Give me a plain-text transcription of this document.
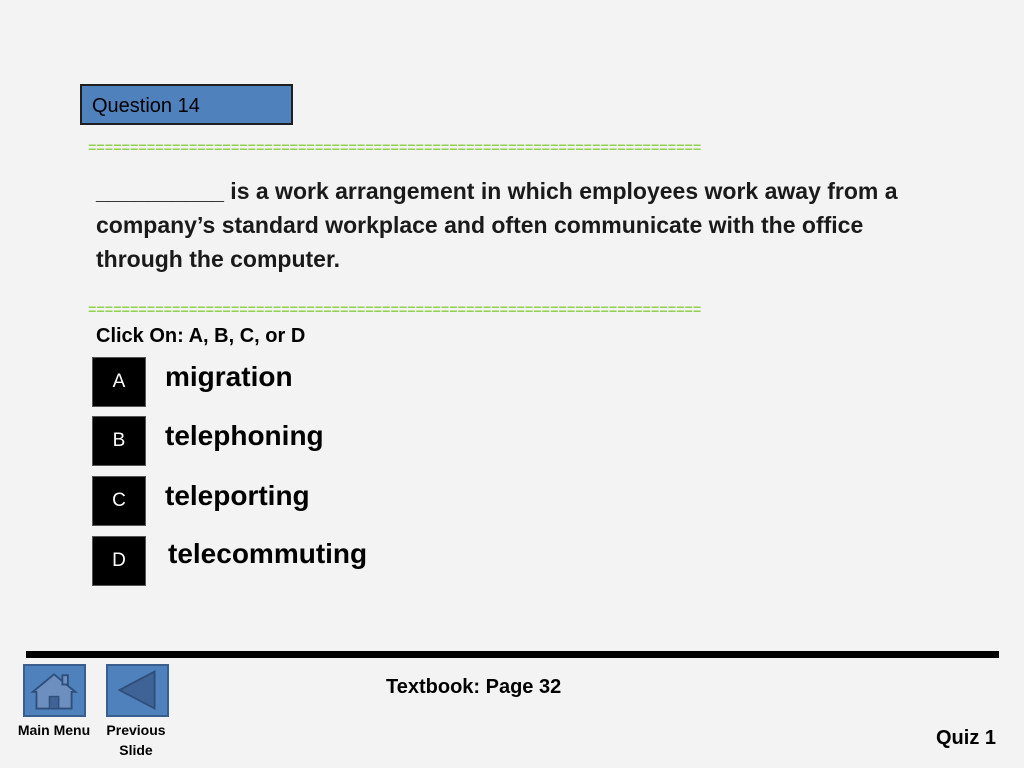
Question 14
=========================================================================
__________ is a work arrangement in which employees work away from a company’s standard workplace and often communicate with the office through the computer.
=========================================================================
Click On: A, B, C, or D
A	migration
B	telephoning
C	teleporting
D	telecommuting
Main Menu	Previous Slide
Textbook: Page 32
Quiz 1
